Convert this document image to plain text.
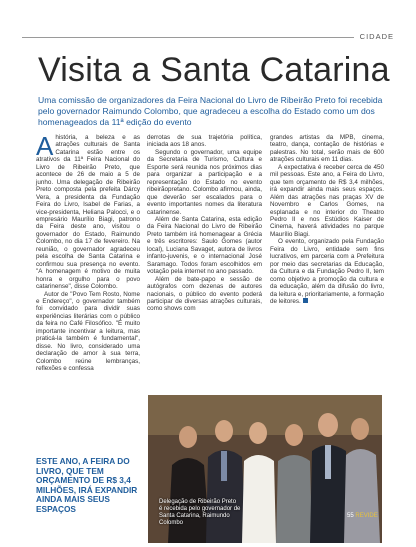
CIDADE
Visita a Santa Catarina
Uma comissão de organizadores da Feira Nacional do Livro de Ribeirão Preto foi recebida pelo governador Raimundo Colombo, que agradeceu a escolha do Estado como um dos homenageados da 11ª edição do evento

Ahistória, a beleza e as atrações culturais de Santa Catarina estão entre os atrativos da 11ª Feira Nacional do Livro de Ribeirão Preto, que acontece de 26 de maio a 5 de junho. Uma delegação de Ribeirão Preto composta pela prefeita Dárcy Vera, a presidenta da Fundação Feira do Livro, Isabel de Farias, a vice-presidenta, Heliana Palocci, e o empresário Maurílio Biagi, patrono da Feira deste ano, visitou o governador do Estado, Raimundo Colombo, no dia 17 de fevereiro. Na reunião, o governador agradeceu pela escolha de Santa Catarina e confirmou sua presença no evento. "A homenagem é motivo de muita honra e orgulho para o povo catarinense", disse Colombo.

Autor de "Povo Tem Rosto, Nome e Endereço", o governador também foi convidado para dividir suas experiências literárias com o público da feira no Café Filosófico. "É muito importante incentivar a leitura, mas praticá-la também é fundamental", disse. No livro, considerado uma declaração de amor à sua terra, Colombo reúne lembranças, reflexões e confessa

derrotas de sua trajetória política, iniciada aos 18 anos.

Segundo o governador, uma equipe da Secretaria de Turismo, Cultura e Esporte será reunida nos próximos dias para organizar a participação e a representação do Estado no evento ribeirãopretano. Colombo afirmou, ainda, que deverão ser escalados para o evento importantes nomes da literatura catarinense.

Além de Santa Catarina, esta edição da Feira Nacional do Livro de Ribeirão Preto também irá homenagear a Grécia e três escritores: Saulo Gomes (autor local), Luciana Savaget, autora de livros infanto-juvenis, e o internacional José Saramago. Todos foram escolhidos em votação pela internet no ano passado.

Além de bate-papo e sessão de autógrafos com dezenas de autores nacionais, o público do evento poderá participar de diversas atrações culturais, como shows com

grandes artistas da MPB, cinema, teatro, dança, contação de histórias e palestras. No total, serão mais de 600 atrações culturais em 11 dias.

A expectativa é receber cerca de 450 mil pessoas. Este ano, a Feira do Livro, que tem orçamento de R$ 3,4 milhões, irá expandir ainda mais seus espaços. Além das atrações nas praças XV de Novembro e Carlos Gomes, na esplanada e no interior do Theatro Pedro II e nos Estúdios Kaiser de Cinema, haverá atividades no parque Maurílio Biagi.

O evento, organizado pela Fundação Feira do Livro, entidade sem fins lucrativos, em parceria com a Prefeitura por meio das secretarias da Educação, da Cultura e da Fundação Pedro II, tem como objetivo a promoção da cultura e da educação, além da difusão do livro, da leitura e, prioritariamente, a formação de leitores.

ESTE ANO, A FEIRA DO LIVRO, QUE TEM ORÇAMENTO DE R$ 3,4 MILHÕES, IRÁ EXPANDIR AINDA MAIS SEUS ESPAÇOS
Delegação de Ribeirão Preto é recebida pelo governador de Santa Catarina, Raimundo Colombo
55 REVIDE
